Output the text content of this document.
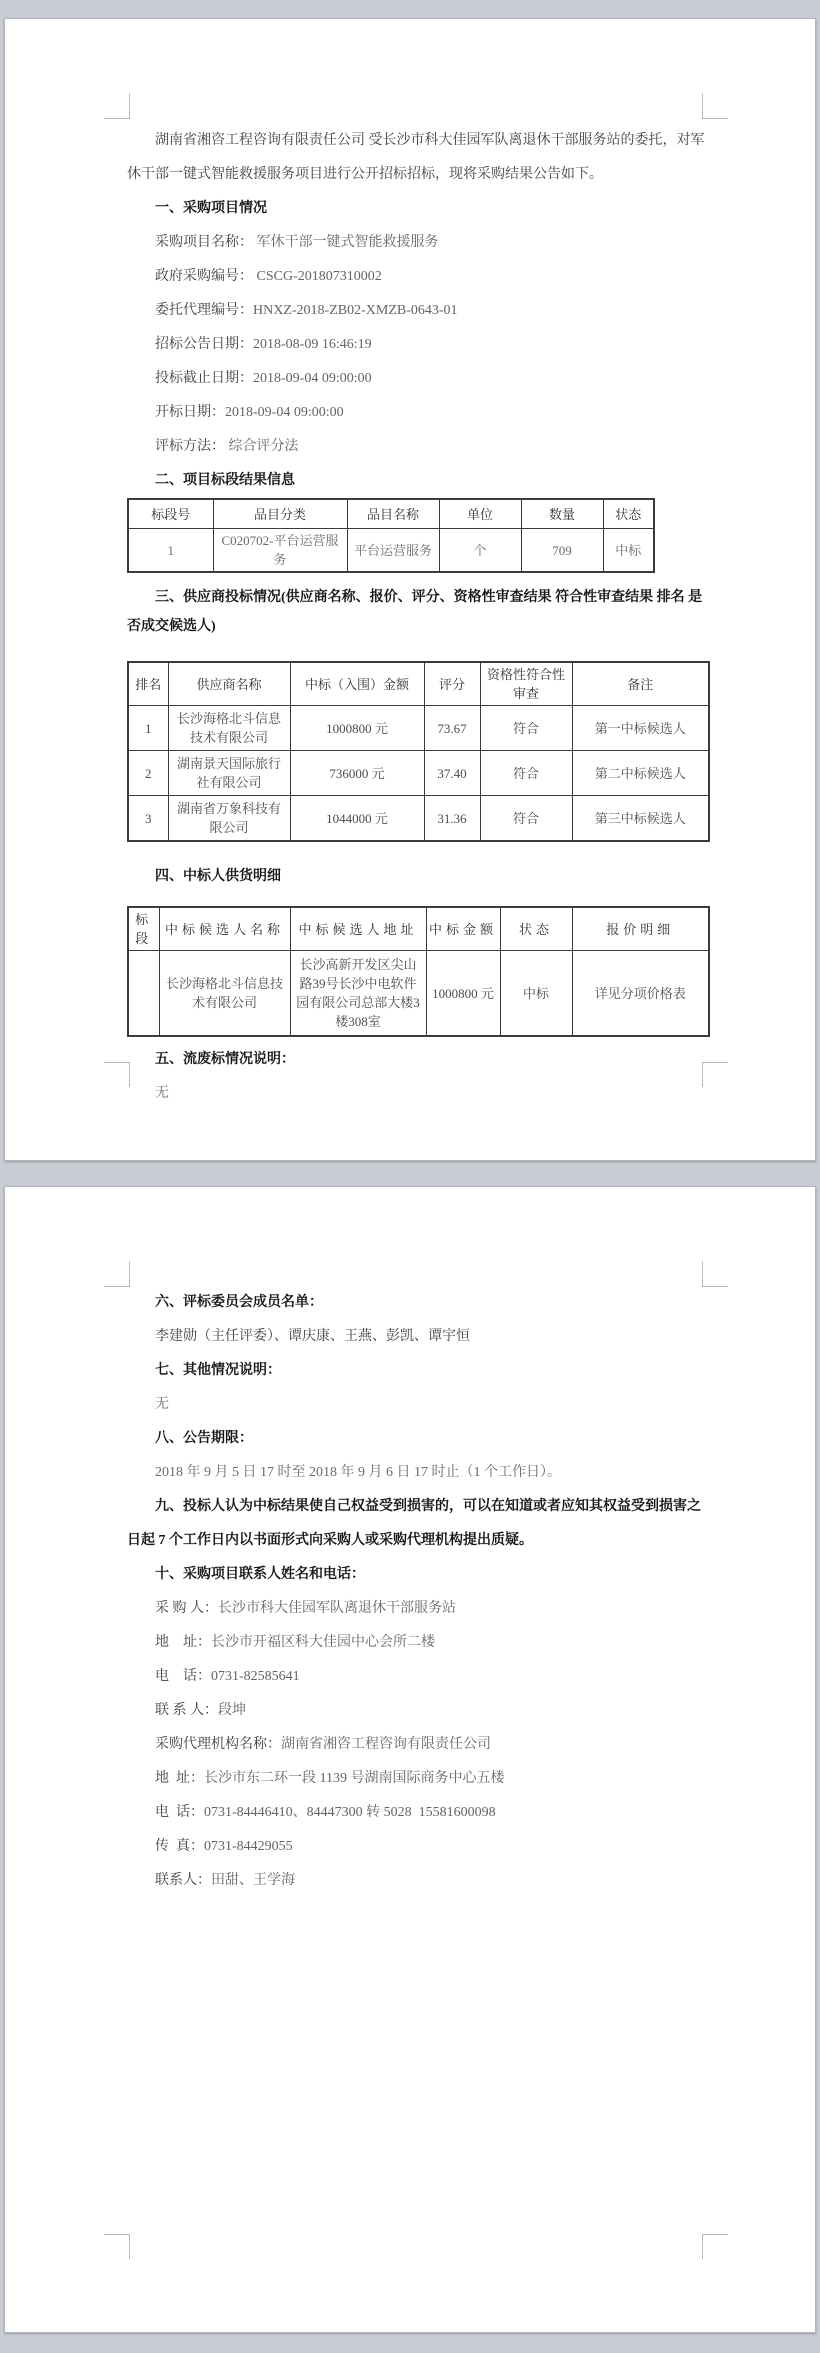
湖南省湘咨工程咨询有限责任公司 受长沙市科大佳园军队离退休干部服务站的委托，对军休干部一键式智能救援服务项目进行公开招标招标，现将采购结果公告如下。

一、采购项目情况

采购项目名称： 军休干部一键式智能救援服务

政府采购编号： CSCG-201807310002

委托代理编号：HNXZ-2018-ZB02-XMZB-0643-01

招标公告日期：2018-08-09 16:46:19

投标截止日期：2018-09-04 09:00:00

开标日期：2018-09-04 09:00:00

评标方法： 综合评分法

二、项目标段结果信息

标段号	品目分类	品目名称	单位	数量	状态
1	C020702-平台运营服务	平台运营服务	个	709	中标

三、供应商投标情况(供应商名称、报价、评分、资格性审查结果 符合性审查结果 排名 是否成交候选人)

排名	供应商名称	中标（入围）金额	评分	资格性符合性审查	备注
1	长沙海格北斗信息技术有限公司	1000800 元	73.67	符合	第一中标候选人
2	湖南景天国际旅行社有限公司	736000 元	37.40	符合	第二中标候选人
3	湖南省万象科技有限公司	1044000 元	31.36	符合	第三中标候选人

四、中标人供货明细

标段	中标候选人名称	中标候选人地址	中标金额	状态	报价明细
	长沙海格北斗信息技术有限公司	长沙高新开发区尖山路39号长沙中电软件园有限公司总部大楼3楼308室	1000800 元	中标	详见分项价格表

五、流废标情况说明：

无

六、评标委员会成员名单：

李建勋（主任评委）、谭庆康、王燕、彭凯、谭宇恒

七、其他情况说明：

无

八、公告期限：

2018 年 9 月 5 日 17 时至 2018 年 9 月 6 日 17 时止（1 个工作日）。

九、投标人认为中标结果使自己权益受到损害的，可以在知道或者应知其权益受到损害之日起 7 个工作日内以书面形式向采购人或采购代理机构提出质疑。

十、采购项目联系人姓名和电话：

采 购 人：长沙市科大佳园军队离退休干部服务站

地    址：长沙市开福区科大佳园中心会所二楼

电    话：0731-82585641

联 系 人：段坤

采购代理机构名称：湖南省湘咨工程咨询有限责任公司

地  址：长沙市东二环一段 1139 号湖南国际商务中心五楼

电  话：0731-84446410、84447300 转 5028  15581600098

传  真：0731-84429055

联系人：田甜、王学海
